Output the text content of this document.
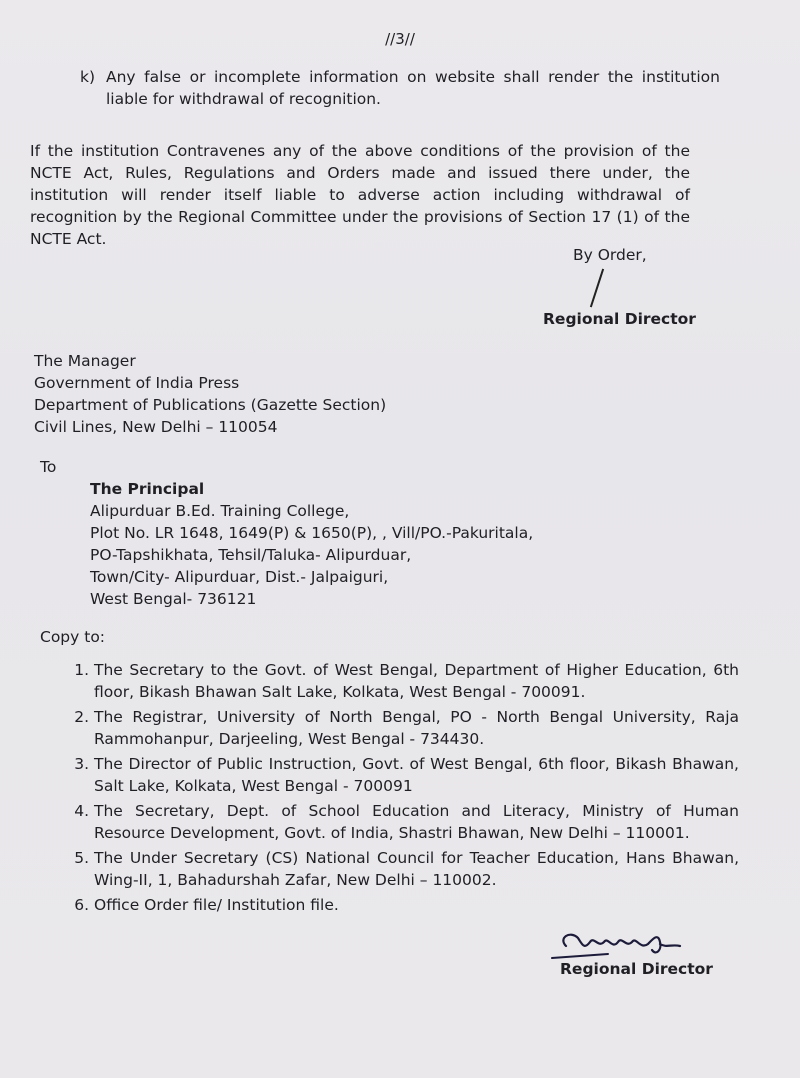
//3//
k) Any false or incomplete information on website shall render the institution liable for withdrawal of recognition.
If the institution Contravenes any of the above conditions of the provision of the NCTE Act, Rules, Regulations and Orders made and issued there under, the institution will render itself liable to adverse action including withdrawal of recognition by the Regional Committee under the provisions of Section 17 (1) of the NCTE Act.
By Order,
Regional Director
The Manager
Government of India Press
Department of Publications (Gazette Section)
Civil Lines, New Delhi – 110054
To
The Principal
Alipurduar B.Ed. Training College,
Plot No. LR 1648, 1649(P) & 1650(P), , Vill/PO.-Pakuritala,
PO-Tapshikhata, Tehsil/Taluka- Alipurduar,
Town/City- Alipurduar, Dist.- Jalpaiguri,
West Bengal- 736121
Copy to:
1. The Secretary to the Govt. of West Bengal, Department of Higher Education, 6th floor, Bikash Bhawan Salt Lake, Kolkata, West Bengal - 700091.
2. The Registrar, University of North Bengal, PO - North Bengal University, Raja Rammohanpur, Darjeeling, West Bengal - 734430.
3. The Director of Public Instruction, Govt. of West Bengal, 6th floor, Bikash Bhawan, Salt Lake, Kolkata, West Bengal - 700091
4. The Secretary, Dept. of School Education and Literacy, Ministry of Human Resource Development, Govt. of India, Shastri Bhawan, New Delhi – 110001.
5. The Under Secretary (CS) National Council for Teacher Education, Hans Bhawan, Wing-II, 1, Bahadurshah Zafar, New Delhi – 110002.
6. Office Order file/ Institution file.
Regional Director
